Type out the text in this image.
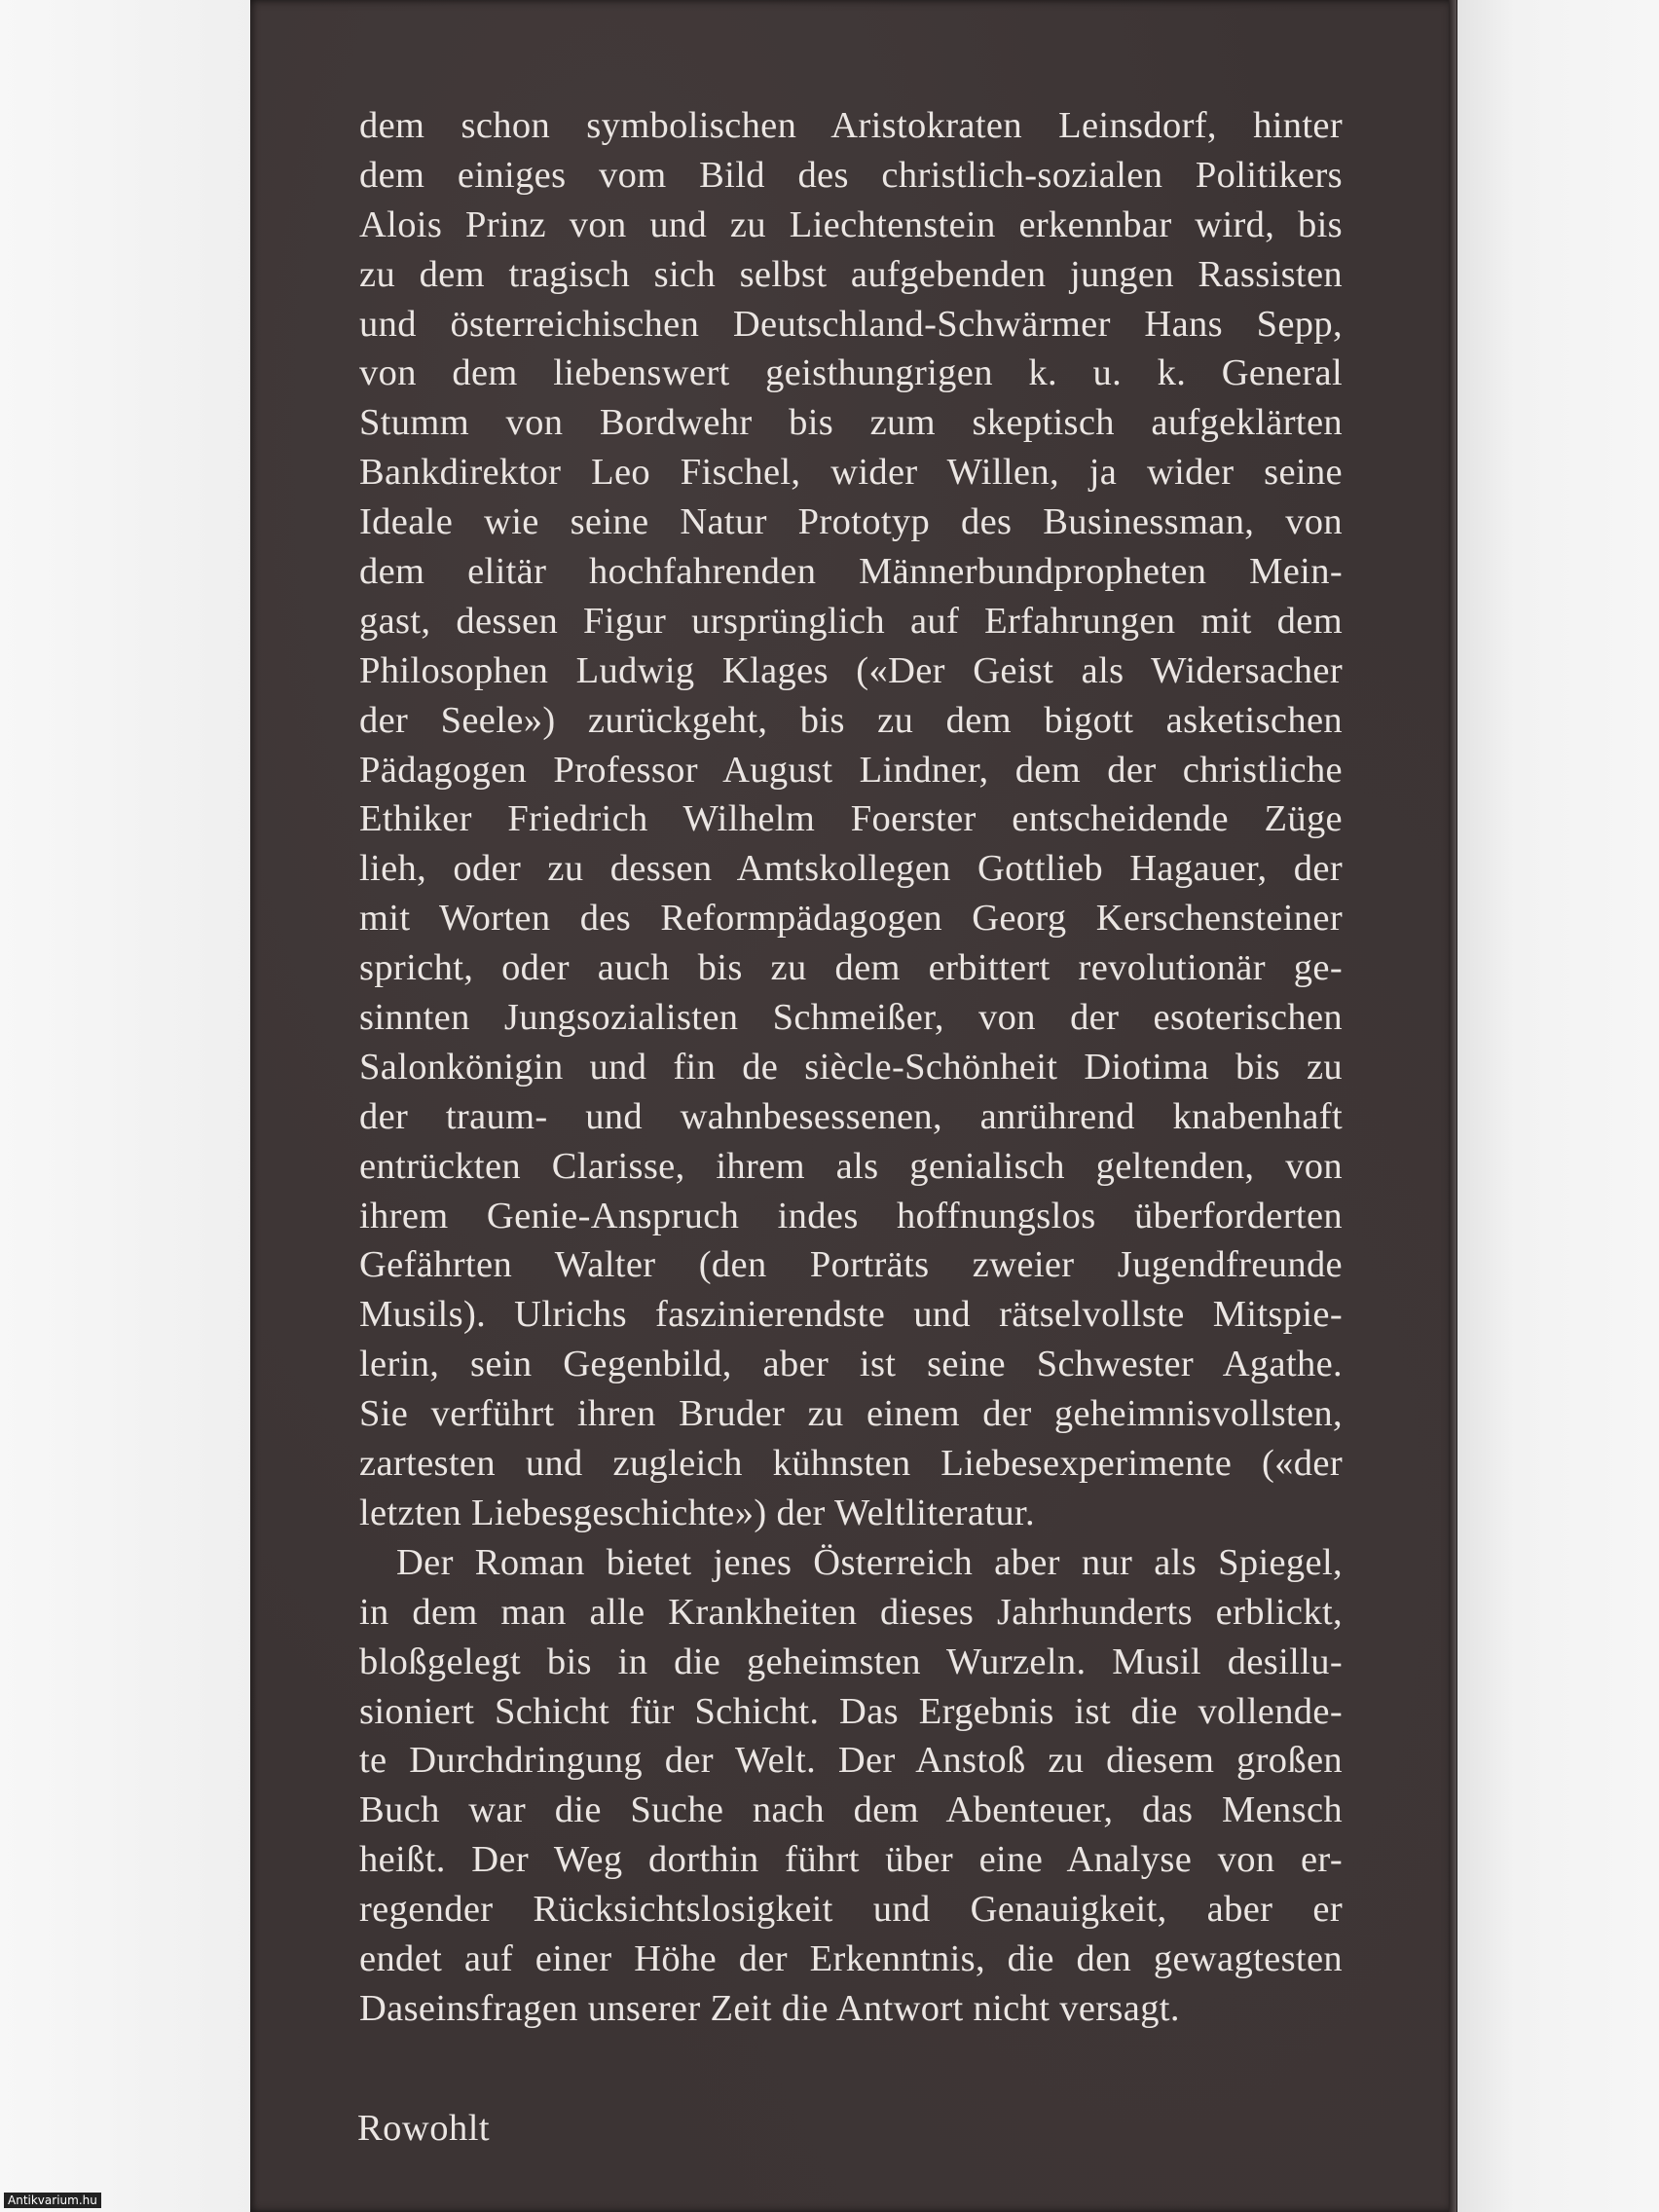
dem schon symbolischen Aristokraten Leinsdorf, hinter
dem einiges vom Bild des christlich-sozialen Politikers
Alois Prinz von und zu Liechtenstein erkennbar wird, bis
zu dem tragisch sich selbst aufgebenden jungen Rassisten
und österreichischen Deutschland-Schwärmer Hans Sepp,
von dem liebenswert geisthungrigen k. u. k. General
Stumm von Bordwehr bis zum skeptisch aufgeklärten
Bankdirektor Leo Fischel, wider Willen, ja wider seine
Ideale wie seine Natur Prototyp des Businessman, von
dem elitär hochfahrenden Männerbundpropheten Mein-
gast, dessen Figur ursprünglich auf Erfahrungen mit dem
Philosophen Ludwig Klages («Der Geist als Widersacher
der Seele») zurückgeht, bis zu dem bigott asketischen
Pädagogen Professor August Lindner, dem der christliche
Ethiker Friedrich Wilhelm Foerster entscheidende Züge
lieh, oder zu dessen Amtskollegen Gottlieb Hagauer, der
mit Worten des Reformpädagogen Georg Kerschensteiner
spricht, oder auch bis zu dem erbittert revolutionär ge-
sinnten Jungsozialisten Schmeißer, von der esoterischen
Salonkönigin und fin de siècle-Schönheit Diotima bis zu
der traum- und wahnbesessenen, anrührend knabenhaft
entrückten Clarisse, ihrem als genialisch geltenden, von
ihrem Genie-Anspruch indes hoffnungslos überforderten
Gefährten Walter (den Porträts zweier Jugendfreunde
Musils). Ulrichs faszinierendste und rätselvollste Mitspie-
lerin, sein Gegenbild, aber ist seine Schwester Agathe.
Sie verführt ihren Bruder zu einem der geheimnisvollsten,
zartesten und zugleich kühnsten Liebesexperimente («der
letzten Liebesgeschichte») der Weltliteratur.
Der Roman bietet jenes Österreich aber nur als Spiegel,
in dem man alle Krankheiten dieses Jahrhunderts erblickt,
bloßgelegt bis in die geheimsten Wurzeln. Musil desillu-
sioniert Schicht für Schicht. Das Ergebnis ist die vollende-
te Durchdringung der Welt. Der Anstoß zu diesem großen
Buch war die Suche nach dem Abenteuer, das Mensch
heißt. Der Weg dorthin führt über eine Analyse von er-
regender Rücksichtslosigkeit und Genauigkeit, aber er
endet auf einer Höhe der Erkenntnis, die den gewagtesten
Daseinsfragen unserer Zeit die Antwort nicht versagt.
Rowohlt
Antikvarium.hu
